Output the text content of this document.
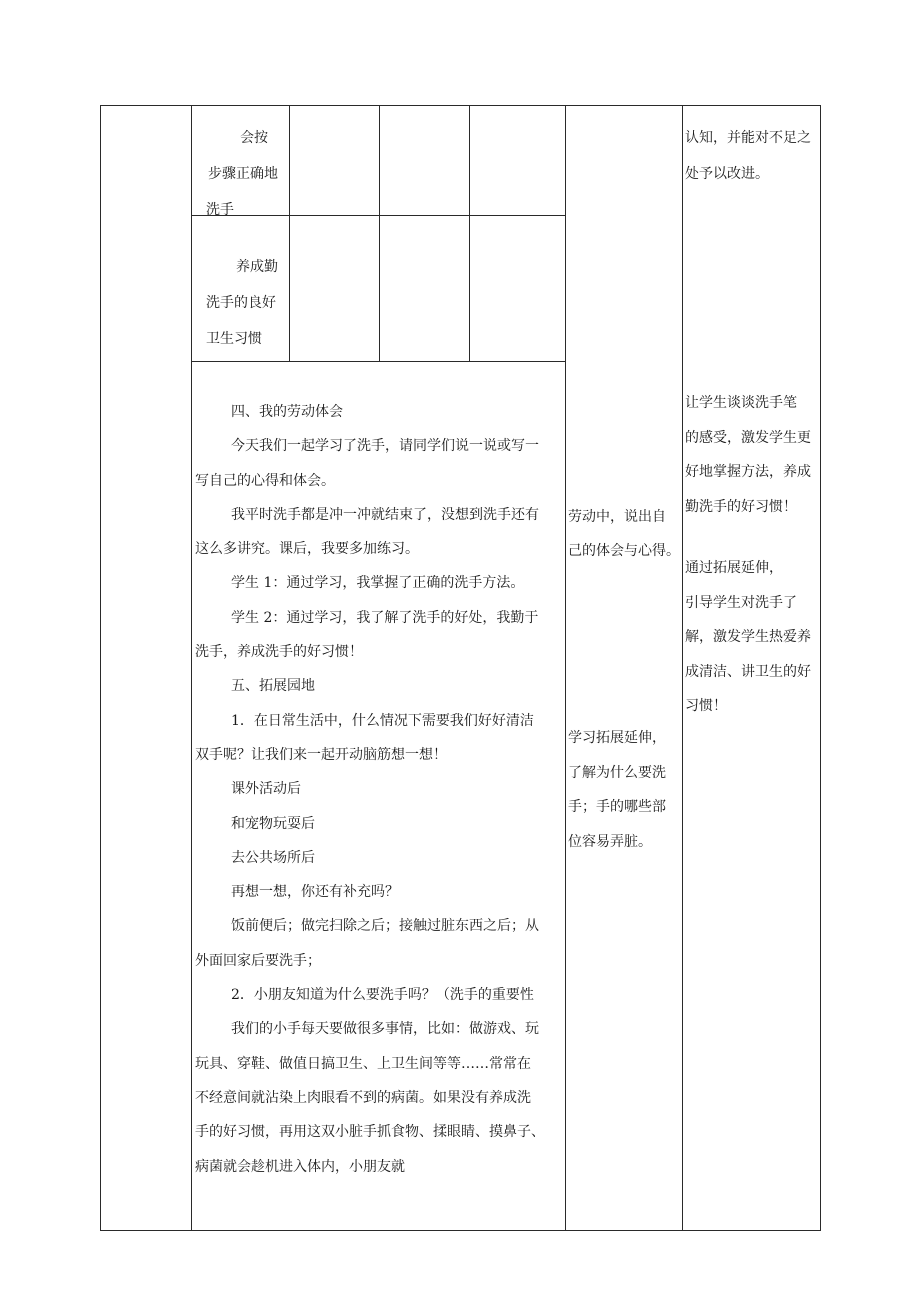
会按

步骤正确地

洗手

养成勤

洗手的良好

卫生习惯

四、我的劳动体会

今天我们一起学习了洗手，请同学们说一说或写一

写自己的心得和体会。

我平时洗手都是冲一冲就结束了，没想到洗手还有

这么多讲究。课后，我要多加练习。

学生 1：通过学习，我掌握了正确的洗手方法。

学生 2：通过学习，我了解了洗手的好处，我勤于

洗手，养成洗手的好习惯！

五、拓展园地

1．在日常生活中，什么情况下需要我们好好清洁

双手呢？让我们来一起开动脑筋想一想！

课外活动后

和宠物玩耍后

去公共场所后

再想一想，你还有补充吗？

饭前便后；做完扫除之后；接触过脏东西之后；从

外面回家后要洗手；

2．小朋友知道为什么要洗手吗？（洗手的重要性

我们的小手每天要做很多事情，比如：做游戏、玩

玩具、穿鞋、做值日搞卫生、上卫生间等等……常常在

不经意间就沾染上肉眼看不到的病菌。如果没有养成洗

手的好习惯，再用这双小脏手抓食物、揉眼睛、摸鼻子、

病菌就会趁机进入体内，小朋友就

劳动中，说出自

己的体会与心得。

学习拓展延伸，

了解为什么要洗

手；手的哪些部

位容易弄脏。

认知，并能对不足之

处予以改进。

让学生谈谈洗手笔

的感受，激发学生更

好地掌握方法，养成

勤洗手的好习惯！

通过拓展延伸，

引导学生对洗手了

解，激发学生热爱养

成清洁、讲卫生的好

习惯！
